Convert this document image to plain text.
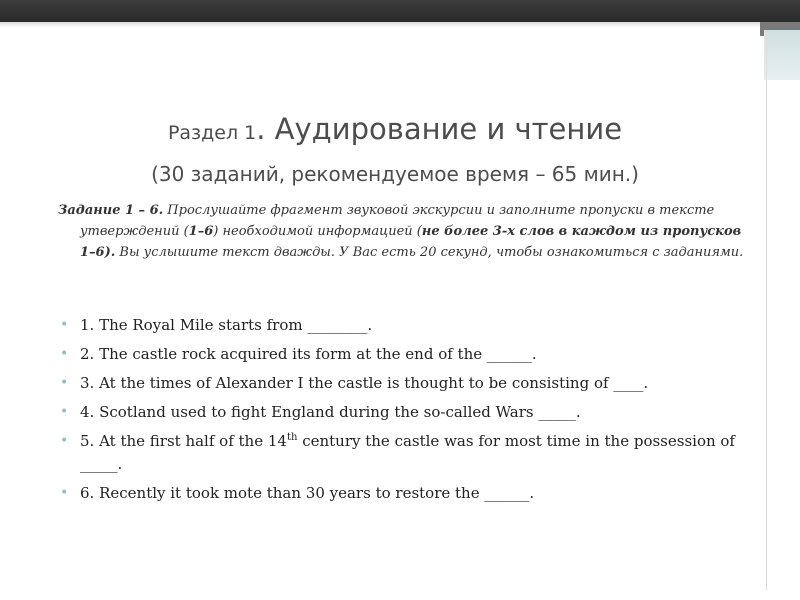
Раздел 1. Аудирование и чтение
(30 заданий, рекомендуемое время – 65 мин.)
Задание 1 – 6. Прослушайте фрагмент звуковой экскурсии и заполните пропуски в тексте утверждений (1–6) необходимой информацией (не более 3-х слов в каждом из пропусков 1–6). Вы услышите текст дважды. У Вас есть 20 секунд, чтобы ознакомиться с заданиями.
• 1. The Royal Mile starts from ________.
• 2. The castle rock acquired its form at the end of the ______.
• 3. At the times of Alexander I the castle is thought to be consisting of ____.
• 4. Scotland used to fight England during the so-called Wars _____.
• 5. At the first half of the 14th century the castle was for most time in the possession of _____.
• 6. Recently it took mote than 30 years to restore the ______.
